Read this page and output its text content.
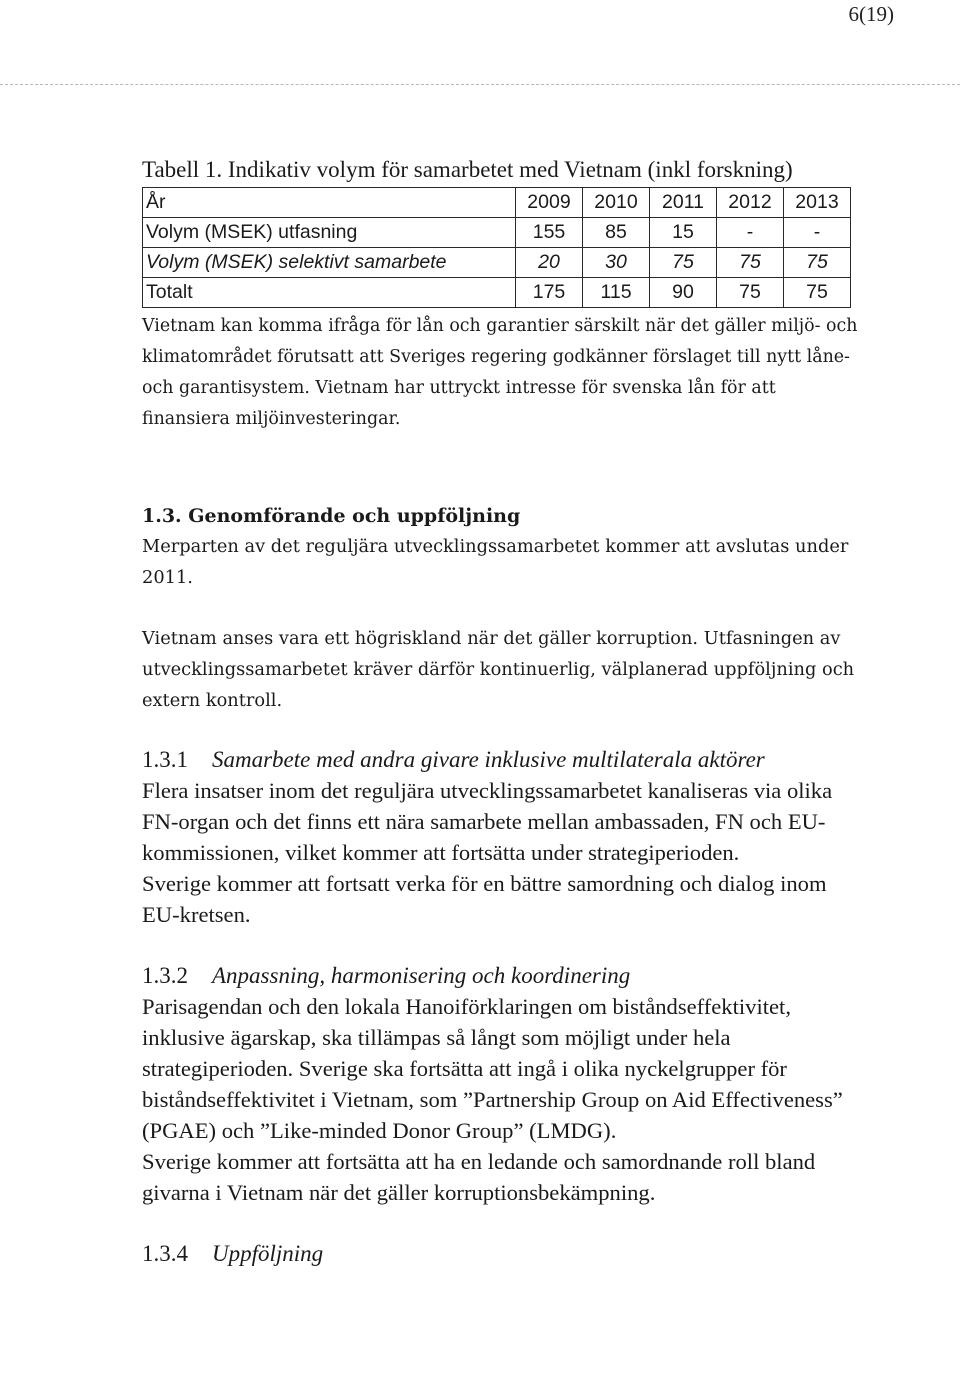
6(19)

Tabell 1. Indikativ volym för samarbetet med Vietnam (inkl forskning)

År	2009	2010	2011	2012	2013
Volym (MSEK) utfasning	155	85	15	-	-
Volym (MSEK) selektivt samarbete	20	30	75	75	75
Totalt	175	115	90	75	75

Vietnam kan komma ifråga för lån och garantier särskilt när det gäller miljö- och klimatområdet förutsatt att Sveriges regering godkänner förslaget till nytt låne- och garantisystem. Vietnam har uttryckt intresse för svenska lån för att finansiera miljöinvesteringar.

1.3. Genomförande och uppföljning

Merparten av det reguljära utvecklingssamarbetet kommer att avslutas under 2011.

Vietnam anses vara ett högriskland när det gäller korruption. Utfasningen av utvecklingssamarbetet kräver därför kontinuerlig, välplanerad uppföljning och extern kontroll.

1.3.1 Samarbete med andra givare inklusive multilaterala aktörer

Flera insatser inom det reguljära utvecklingssamarbetet kanaliseras via olika FN-organ och det finns ett nära samarbete mellan ambassaden, FN och EU-kommissionen, vilket kommer att fortsätta under strategiperioden.

Sverige kommer att fortsatt verka för en bättre samordning och dialog inom EU-kretsen.

1.3.2 Anpassning, harmonisering och koordinering

Parisagendan och den lokala Hanoiförklaringen om biståndseffektivitet, inklusive ägarskap, ska tillämpas så långt som möjligt under hela strategiperioden. Sverige ska fortsätta att ingå i olika nyckelgrupper för biståndseffektivitet i Vietnam, som ”Partnership Group on Aid Effectiveness” (PGAE) och ”Like-minded Donor Group” (LMDG).

Sverige kommer att fortsätta att ha en ledande och samordnande roll bland givarna i Vietnam när det gäller korruptionsbekämpning.

1.3.4 Uppföljning
